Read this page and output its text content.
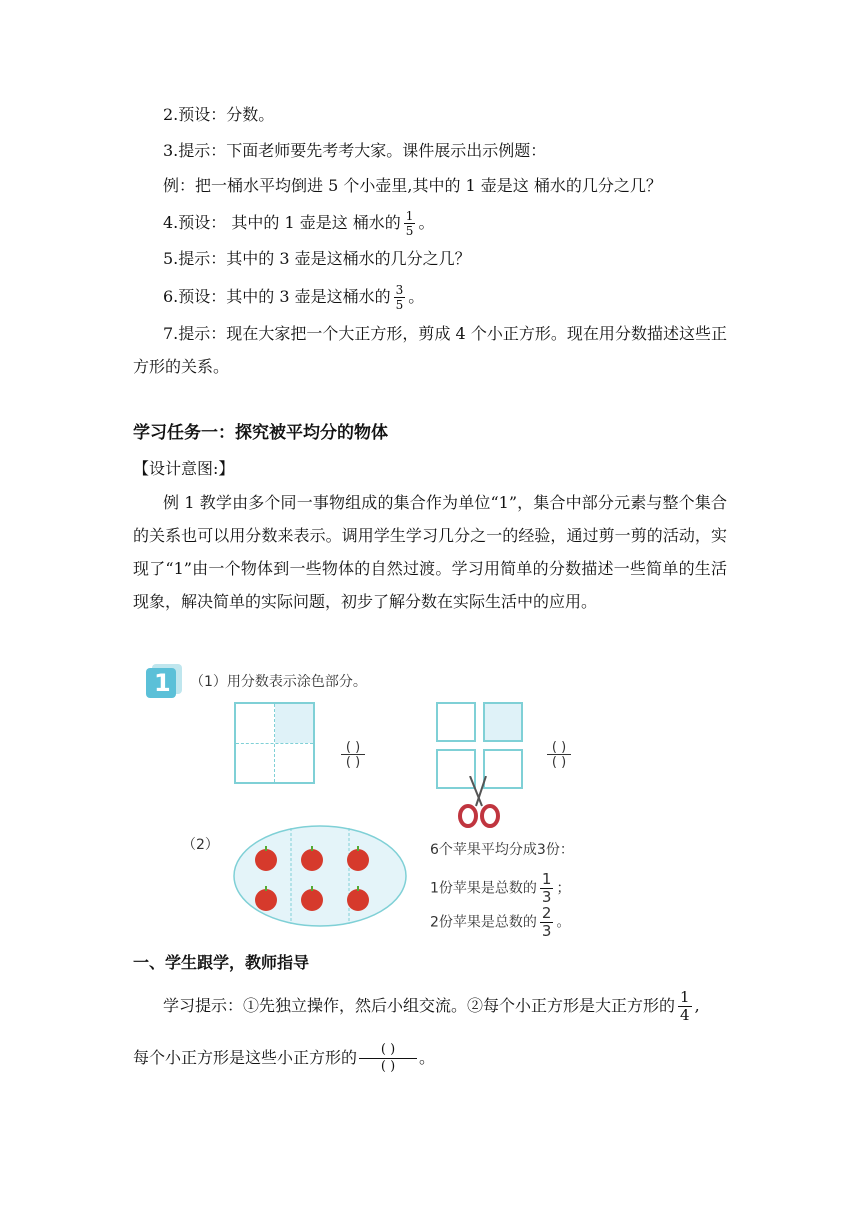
2.预设：分数。
3.提示：下面老师要先考考大家。课件展示出示例题：
例：把一桶水平均倒进 5 个小壶里,其中的 1 壶是这 桶水的几分之几？
4.预设： 其中的 1 壶是这 桶水的 $\frac{1}{5}$ 。
5.提示：其中的 3 壶是这桶水的几分之几？
6.预设：其中的 3 壶是这桶水的 $\frac{3}{5}$ 。
7.提示：现在大家把一个大正方形，剪成 4 个小正方形。现在用分数描述这些正方形的关系。
学习任务一：探究被平均分的物体
【设计意图:】
例 1 教学由多个同一事物组成的集合作为单位“1”，集合中部分元素与整个集合的关系也可以用分数来表示。调用学生学习几分之一的经验，通过剪一剪的活动，实现了“1”由一个物体到一些物体的自然过渡。学习用简单的分数描述一些简单的生活现象，解决简单的实际问题，初步了解分数在实际生活中的应用。
1 （1）用分数表示涂色部分。
( )
( )
( )
( )
（2）	6个苹果平均分成3份：
1份苹果是总数的 $\frac{1}{3}$ ；
2份苹果是总数的 $\frac{2}{3}$ 。
一、学生跟学，教师指导
学习提示：①先独立操作，然后小组交流。②每个小正方形是大正方形的 $\frac{1}{4}$ ,
每个小正方形是这些小正方形的	( )
( ) 。
